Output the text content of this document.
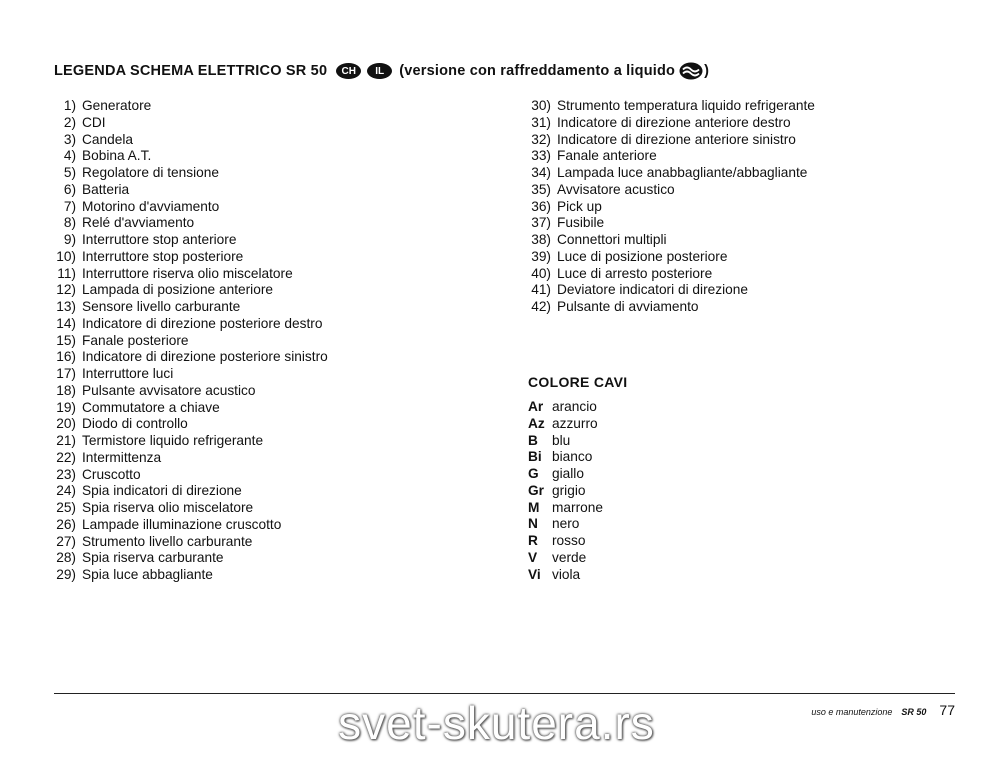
LEGENDA SCHEMA ELETTRICO SR 50	CH	IL	(versione con raffreddamento a liquido )
1) Generatore
2) CDI
3) Candela
4) Bobina A.T.
5) Regolatore di tensione
6) Batteria
7) Motorino d'avviamento
8) Relé d'avviamento
9) Interruttore stop anteriore
10) Interruttore stop posteriore
11) Interruttore riserva olio miscelatore
12) Lampada di posizione anteriore
13) Sensore livello carburante
14) Indicatore di direzione posteriore destro
15) Fanale posteriore
16) Indicatore di direzione posteriore sinistro
17) Interruttore luci
18) Pulsante avvisatore acustico
19) Commutatore a chiave
20) Diodo di controllo
21) Termistore liquido refrigerante
22) Intermittenza
23) Cruscotto
24) Spia indicatori di direzione
25) Spia riserva olio miscelatore
26) Lampade illuminazione cruscotto
27) Strumento livello carburante
28) Spia riserva carburante
29) Spia luce abbagliante
30) Strumento temperatura liquido refrigerante
31) Indicatore di direzione anteriore destro
32) Indicatore di direzione anteriore sinistro
33) Fanale anteriore
34) Lampada luce anabbagliante/abbagliante
35) Avvisatore acustico
36) Pick up
37) Fusibile
38) Connettori multipli
39) Luce di posizione posteriore
40) Luce di arresto posteriore
41) Deviatore indicatori di direzione
42) Pulsante di avviamento
COLORE CAVI
Ar arancio
Az azzurro
B blu
Bi bianco
G giallo
Gr grigio
M marrone
N nero
R rosso
V verde
Vi viola
uso e manutenzione SR 50 77
svet-skutera.rs
